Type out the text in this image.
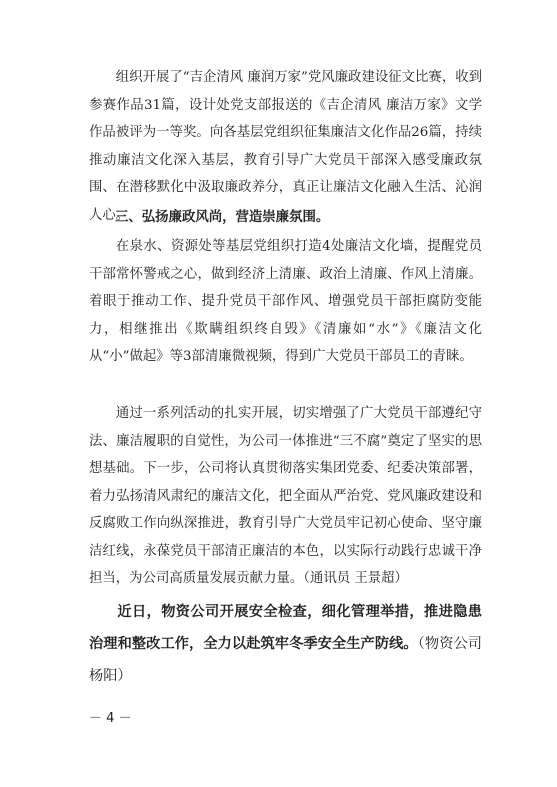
组织开展了“吉企清风 廉润万家”党风廉政建设征文比赛，收到参赛作品31篇，设计处党支部报送的《吉企清风 廉洁万家》文学作品被评为一等奖。向各基层党组织征集廉洁文化作品26篇，持续推动廉洁文化深入基层，教育引导广大党员干部深入感受廉政氛围、在潜移默化中汲取廉政养分，真正让廉洁文化融入生活、沁润人心。

三、弘扬廉政风尚，营造崇廉氛围。

在泉水、资源处等基层党组织打造4处廉洁文化墙，提醒党员干部常怀警戒之心，做到经济上清廉、政治上清廉、作风上清廉。着眼于推动工作、提升党员干部作风、增强党员干部拒腐防变能力，相继推出《欺瞒组织终自毁》《清廉如“水”》《廉洁文化从“小”做起》等3部清廉微视频，得到广大党员干部员工的青睐。

通过一系列活动的扎实开展，切实增强了广大党员干部遵纪守法、廉洁履职的自觉性，为公司一体推进“三不腐”奠定了坚实的思想基础。下一步，公司将认真贯彻落实集团党委、纪委决策部署，着力弘扬清风肃纪的廉洁文化，把全面从严治党、党风廉政建设和反腐败工作向纵深推进，教育引导广大党员牢记初心使命、坚守廉洁红线，永葆党员干部清正廉洁的本色，以实际行动践行忠诚干净担当，为公司高质量发展贡献力量。（通讯员 王景超）

近日，物资公司开展安全检查，细化管理举措，推进隐患治理和整改工作，全力以赴筑牢冬季安全生产防线。（物资公司 杨阳）

－ 4 －
